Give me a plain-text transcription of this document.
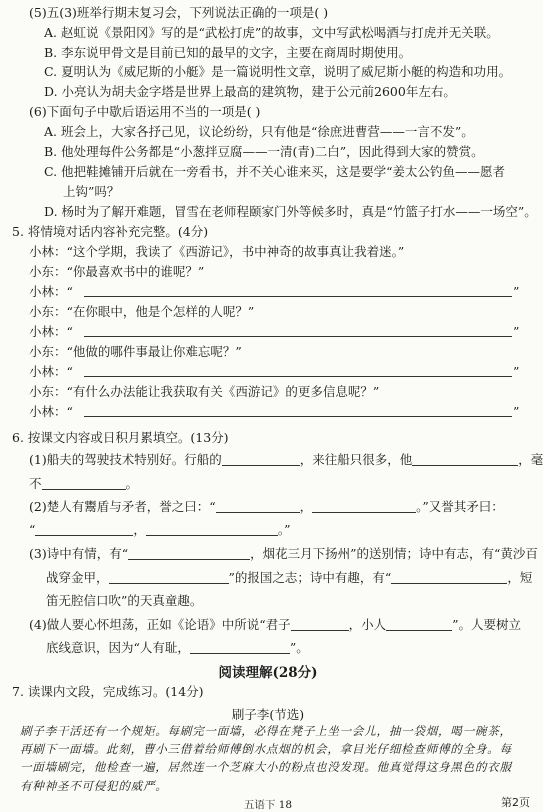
(5)五(3)班举行期末复习会，下列说法正确的一项是( )
A. 赵虹说《景阳冈》写的是“武松打虎”的故事，文中写武松喝酒与打虎并无关联。
B. 李东说甲骨文是目前已知的最早的文字，主要在商周时期使用。
C. 夏明认为《威尼斯的小艇》是一篇说明性文章，说明了威尼斯小艇的构造和功用。
D. 小亮认为胡夫金字塔是世界上最高的建筑物，建于公元前2600年左右。
(6)下面句子中歇后语运用不当的一项是( )
A. 班会上，大家各抒己见，议论纷纷，只有他是“徐庶进曹营——一言不发”。
B. 他处理每件公务都是“小葱拌豆腐——一清(青)二白”，因此得到大家的赞赏。
C. 他把鞋摊铺开后就在一旁看书，并不关心谁来买，这是要学“姜太公钓鱼——愿者
上钩”吗？
D. 杨时为了解开难题，冒雪在老师程颐家门外等候多时，真是“竹篮子打水——一场空”。
5. 将情境对话内容补充完整。(4分)
小林：“这个学期，我读了《西游记》，书中神奇的故事真让我着迷。”
小东：“你最喜欢书中的谁呢？”
小林：“	”
小东：“在你眼中，他是个怎样的人呢？”
小林：“	”
小东：“他做的哪件事最让你难忘呢？”
小林：“	”
小东：“有什么办法能让我获取有关《西游记》的更多信息呢？”
小林：“	”
6. 按课文内容或日积月累填空。(13分)
(1)船夫的驾驶技术特别好。行船的	，来往船只很多，他	，毫
不	。
(2)楚人有鬻盾与矛者，誉之曰：“	，	。”又誉其矛曰：
“	，	。”
(3)诗中有情，有“	，烟花三月下扬州”的送别情；诗中有志，有“黄沙百
战穿金甲，	”的报国之志；诗中有趣，有“	，短
笛无腔信口吹”的天真童趣。
(4)做人要心怀坦荡，正如《论语》中所说“君子	，小人	”。人要树立
底线意识，因为“人有耻，	”。
阅读理解(28分)
7. 读课内文段，完成练习。(14分)
刷子李(节选)
刷子李干活还有一个规矩。每刷完一面墙，必得在凳子上坐一会儿，抽一袋烟，喝一碗茶，再刷下一面墙。此刻，曹小三借着给师傅倒水点烟的机会，拿目光仔细检查师傅的全身。每一面墙刷完，他检查一遍，居然连一个芝麻大小的粉点也没发现。他真觉得这身黑色的衣服有种神圣不可侵犯的威严。
五语下 18	第2页
